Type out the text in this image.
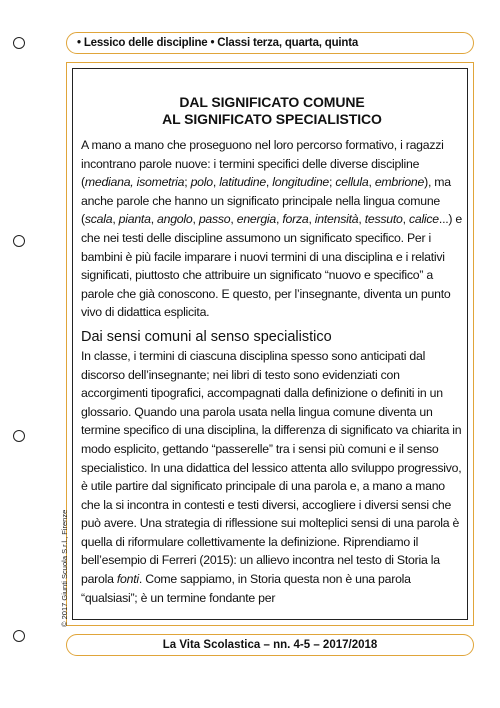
• Lessico delle discipline • Classi terza, quarta, quinta
DAL SIGNIFICATO COMUNE
AL SIGNIFICATO SPECIALISTICO

A mano a mano che proseguono nel loro percorso formativo, i ragazzi incontrano parole nuove: i termini specifici delle diverse discipline (mediana, isometria; polo, latitudine, longitudine; cellula, embrione), ma anche parole che hanno un significato principale nella lingua comune (scala, pianta, angolo, passo, energia, forza, intensità, tessuto, calice...) e che nei testi delle discipline assumono un significato specifico. Per i bambini è più facile imparare i nuovi termini di una disciplina e i relativi significati, piuttosto che attribuire un significato “nuovo e specifico” a parole che già conoscono. E questo, per l’insegnante, diventa un punto vivo di didattica esplicita.

Dai sensi comuni al senso specialistico

In classe, i termini di ciascuna disciplina spesso sono anticipati dal discorso dell’insegnante; nei libri di testo sono evidenziati con accorgimenti tipografici, accompagnati dalla definizione o definiti in un glossario. Quando una parola usata nella lingua comune diventa un termine specifico di una disciplina, la differenza di significato va chiarita in modo esplicito, gettando “passerelle” tra i sensi più comuni e il senso specialistico. In una didattica del lessico attenta allo sviluppo progressivo, è utile partire dal significato principale di una parola e, a mano a mano che la si incontra in contesti e testi diversi, accogliere i diversi sensi che può avere. Una strategia di riflessione sui molteplici sensi di una parola è quella di riformulare collettivamente la definizione. Riprendiamo il bell’esempio di Ferreri (2015): un allievo incontra nel testo di Storia la parola fonti. Come sappiamo, in Storia questa non è una parola “qualsiasi”; è un termine fondante per

© 2017 Giunti Scuola S.r.l., Firenze
La Vita Scolastica – nn. 4-5 – 2017/2018
